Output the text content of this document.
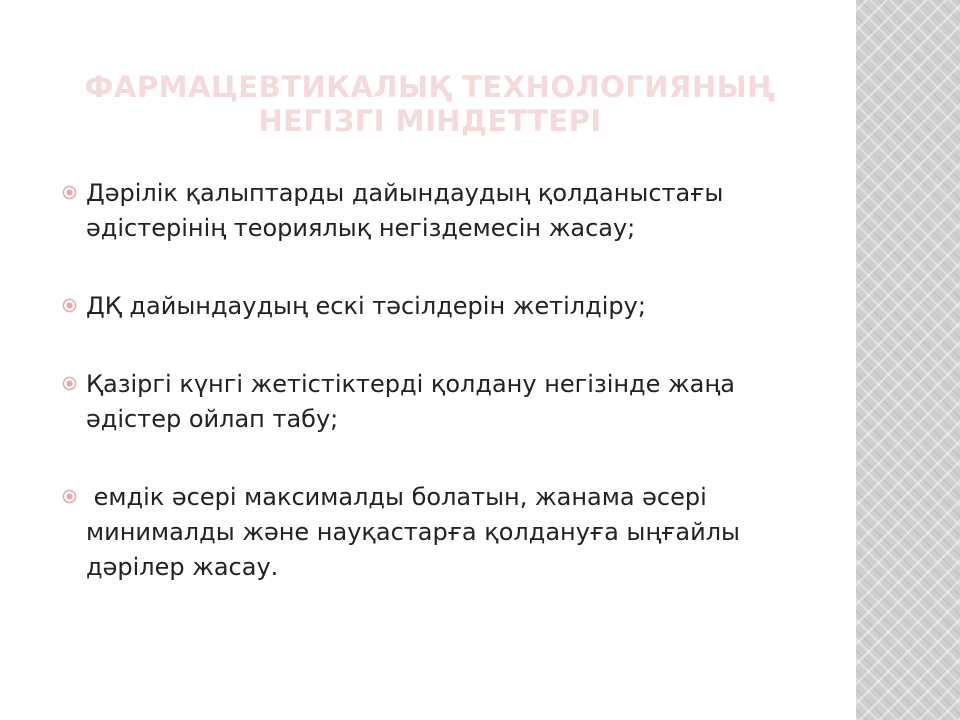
ФАРМАЦЕВТИКАЛЫҚ ТЕХНОЛОГИЯНЫҢ
НЕГІЗГІ МІНДЕТТЕРІ
Дәрілік қалыптарды дайындаудың қолданыстағы әдістерінің теориялық негіздемесін жасау;
ДҚ дайындаудың ескі тәсілдерін жетілдіру;
Қазіргі күнгі жетістіктерді қолдану негізінде жаңа әдістер ойлап табу;
емдік әсері максималды болатын, жанама әсері минималды және науқастарға қолдануға ыңғайлы дәрілер жасау.
